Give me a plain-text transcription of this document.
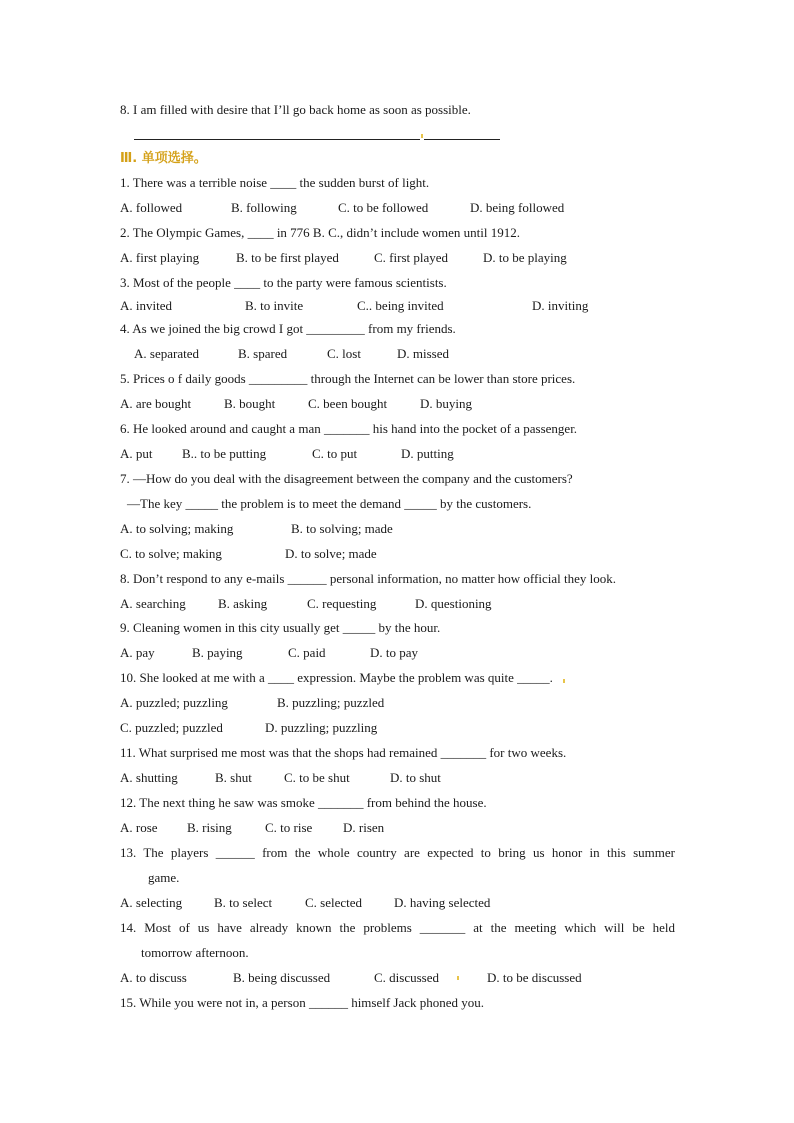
8. I am filled with desire that I’ll go back home as soon as possible.
Ⅲ. 单项选择。
1. There was a terrible noise ____ the sudden burst of light.
A. followed	B. following	C. to be followed	D. being followed
2. The Olympic Games, ____ in 776 B. C., didn’t include women until 1912.
A. first playing	B. to be first played	C. first played	D. to be playing
3. Most of the people ____ to the party were famous scientists.
A. invited	B. to invite	C.. being invited	D. inviting
4. As we joined the big crowd I got _________ from my friends.
A. separated	B. spared	C. lost	D. missed
5. Prices o f daily goods _________ through the Internet can be lower than store prices.
A. are bought	B. bought	C. been bought	D. buying
6. He looked around and caught a man _______ his hand into the pocket of a passenger.
A. put B.. to be putting	C. to put	D. putting
7. —How do you deal with the disagreement between the company and the customers?
—The key _____ the problem is to meet the demand _____ by the customers.
A. to solving; making	B. to solving; made
C. to solve; making	D. to solve; made
8. Don’t respond to any e-mails ______ personal information, no matter how official they look.
A. searching B. asking	C. requesting	D. questioning
9. Cleaning women in this city usually get _____ by the hour.
A. pay	B. paying	C. paid	D. to pay
10. She looked at me with a ____ expression. Maybe the problem was quite _____.
A. puzzled; puzzling	B. puzzling; puzzled
C. puzzled; puzzled	D. puzzling; puzzling
11. What surprised me most was that the shops had remained _______ for two weeks.
A. shutting	B. shut C. to be shut	D. to shut
12. The next thing he saw was smoke _______ from behind the house.
A. rose B. rising	C. to rise D. risen
13. The players ______ from the whole country are expected to bring us honor in this summer
game.
A. selecting B. to select	C. selected D. having selected
14. Most of us have already known the problems _______ at the meeting which will be held
tomorrow afternoon.
A. to discuss	B. being discussed	C. discussed	D. to be discussed
15. While you were not in, a person ______ himself Jack phoned you.
